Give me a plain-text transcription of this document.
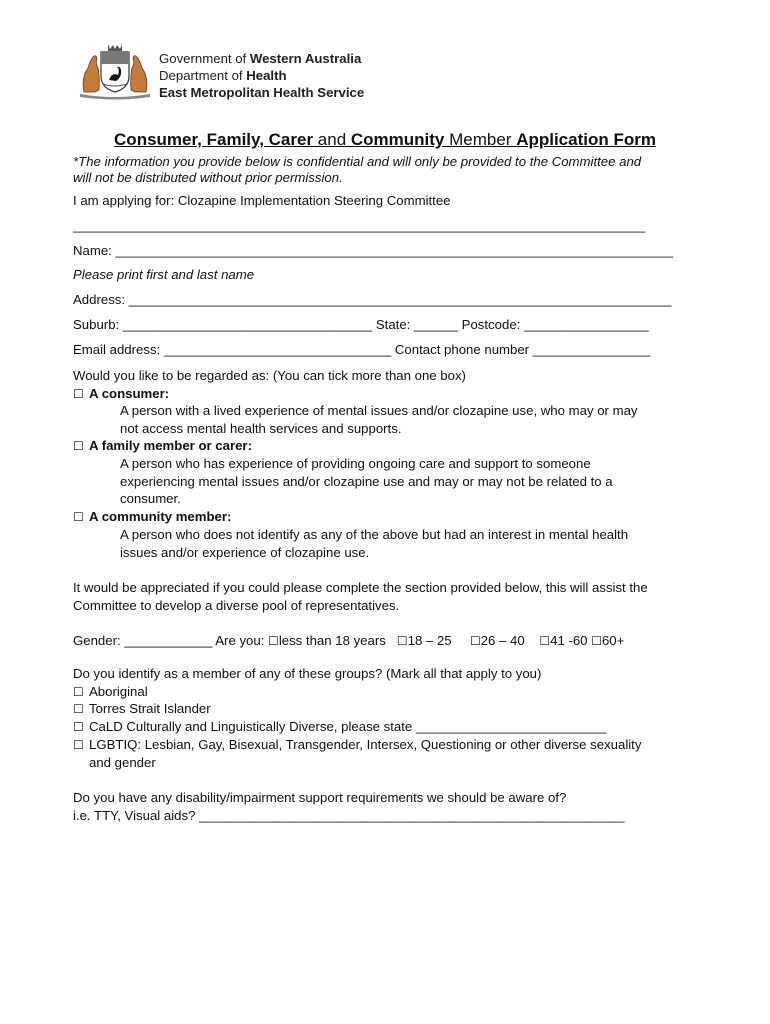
Government of Western Australia
Department of Health
East Metropolitan Health Service
Consumer, Family, Carer and Community Member Application Form
*The information you provide below is confidential and will only be provided to the Committee and
will not be distributed without prior permission.
I am applying for: Clozapine Implementation Steering Committee
______________________________________________________________________________
Name: ____________________________________________________________________________
Please print first and last name
Address: __________________________________________________________________________
Suburb: __________________________________ State: ______ Postcode: _________________
Email address: _______________________________ Contact phone number ________________
Would you like to be regarded as: (You can tick more than one box)
☐ A consumer:
A person with a lived experience of mental issues and/or clozapine use, who may or may
not access mental health services and supports.
☐ A family member or carer:
A person who has experience of providing ongoing care and support to someone
experiencing mental issues and/or clozapine use and may or may not be related to a
consumer.
☐ A community member:
A person who does not identify as any of the above but had an interest in mental health
issues and/or experience of clozapine use.
It would be appreciated if you could please complete the section provided below, this will assist the
Committee to develop a diverse pool of representatives.
Gender: ____________ Are you: ☐less than 18 years ☐18 – 25 ☐26 – 40 ☐41 -60 ☐60+
Do you identify as a member of any of these groups? (Mark all that apply to you)
☐ Aboriginal
☐ Torres Strait Islander
☐ CaLD Culturally and Linguistically Diverse, please state __________________________
☐ LGBTIQ: Lesbian, Gay, Bisexual, Transgender, Intersex, Questioning or other diverse sexuality
and gender
Do you have any disability/impairment support requirements we should be aware of?
i.e. TTY, Visual aids? __________________________________________________________
